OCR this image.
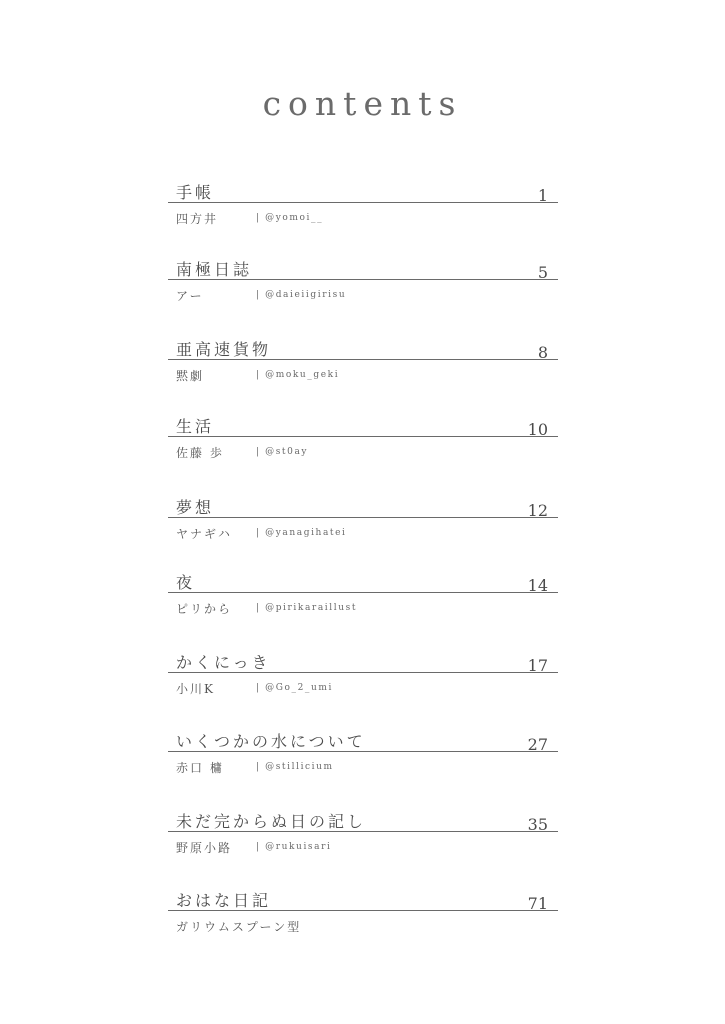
contents
手帳	1
四方井	| @yomoi__
南極日誌	5
アー	| @daieiigirisu
亜高速貨物	8
黙劇	| @moku_geki
生活	10
佐藤 歩	| @st0ay
夢想	12
ヤナギハ	| @yanagihatei
夜	14
ピリから	| @pirikaraillust
かくにっき	17
小川K	| @Go_2_umi
いくつかの水について	27
赤口 槦	| @stillicium
未だ完からぬ日の記し	35
野原小路	| @rukuisari
おはな日記	71
ガリウムスプーン型
